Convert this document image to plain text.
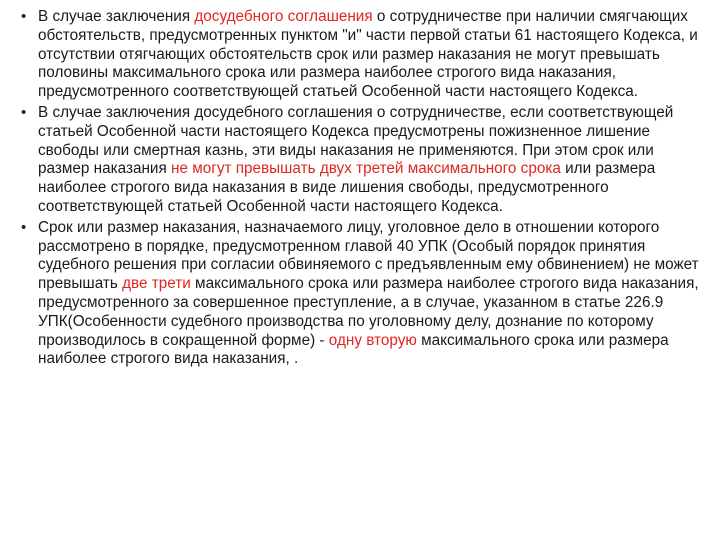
• В случае заключения досудебного соглашения о сотрудничестве при наличии смягчающих обстоятельств, предусмотренных пунктом "и" части первой статьи 61 настоящего Кодекса, и отсутствии отягчающих обстоятельств срок или размер наказания не могут превышать половины максимального срока или размера наиболее строгого вида наказания, предусмотренного соответствующей статьей Особенной части настоящего Кодекса.
• В случае заключения досудебного соглашения о сотрудничестве, если соответствующей статьей Особенной части настоящего Кодекса предусмотрены пожизненное лишение свободы или смертная казнь, эти виды наказания не применяются. При этом срок или размер наказания не могут превышать двух третей максимального срока или размера наиболее строгого вида наказания в виде лишения свободы, предусмотренного соответствующей статьей Особенной части настоящего Кодекса.
• Срок или размер наказания, назначаемого лицу, уголовное дело в отношении которого рассмотрено в порядке, предусмотренном главой 40 УПК (Особый порядок принятия судебного решения при согласии обвиняемого с предъявленным ему обвинением) не может превышать две трети максимального срока или размера наиболее строгого вида наказания, предусмотренного за совершенное преступление, а в случае, указанном в статье 226.9 УПК(Особенности судебного производства по уголовному делу, дознание по которому производилось в сокращенной форме) - одну вторую максимального срока или размера наиболее строгого вида наказания, .
